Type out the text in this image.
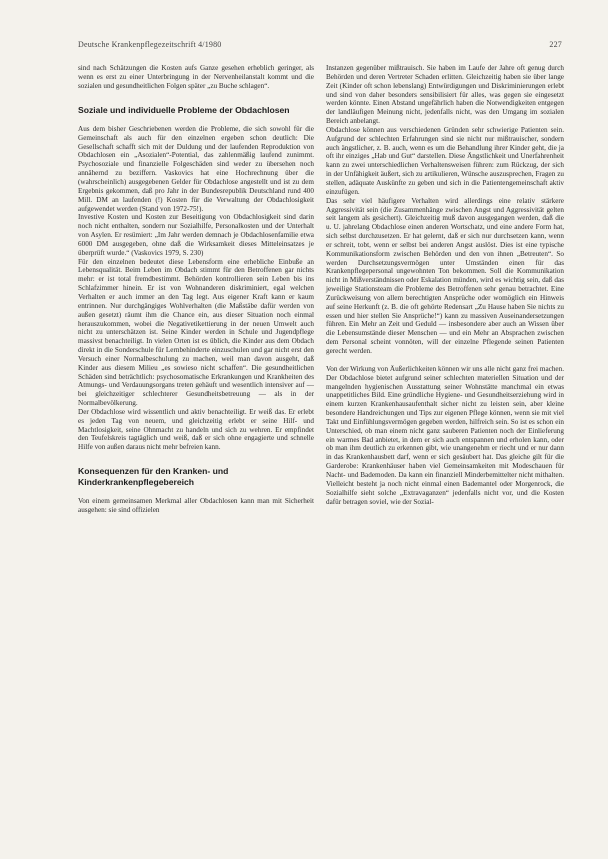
Deutsche Krankenpflegezeitschrift 4/1980	227

sind nach Schätzungen die Kosten aufs Ganze gesehen erheblich geringer, als wenn es erst zu einer Unterbringung in der Nervenheilanstalt kommt und die sozialen und gesundheitlichen Folgen später „zu Buche schlagen“.

Soziale und individuelle Probleme der Obdachlosen

Aus dem bisher Geschriebenen werden die Probleme, die sich sowohl für die Gemeinschaft als auch für den einzelnen ergeben schon deutlich: Die Gesellschaft schafft sich mit der Duldung und der laufenden Reproduktion von Obdachlosen ein „Asozialen“-Potential, das zahlenmäßig laufend zunimmt. Psychosoziale und finanzielle Folgeschäden sind weder zu übersehen noch annähernd zu beziffern. Vaskovics hat eine Hochrechnung über die (wahrscheinlich) ausgegebenen Gelder für Obdachlose angestellt und ist zu dem Ergebnis gekommen, daß pro Jahr in der Bundesrepublik Deutschland rund 400 Mill. DM an laufenden (!) Kosten für die Verwaltung der Obdachlosigkeit aufgewendet werden (Stand von 1972-75!).

Investive Kosten und Kosten zur Beseitigung von Obdachlosigkeit sind darin noch nicht enthalten, sondern nur Sozialhilfe, Personalkosten und der Unterhalt von Asylen. Er resümiert: „Im Jahr werden demnach je Obdachlosenfamilie etwa 6000 DM ausgegeben, ohne daß die Wirksamkeit dieses Mitteleinsatzes je überprüft wurde.“ (Vaskovics 1979, S. 230)

Für den einzelnen bedeutet diese Lebensform eine erhebliche Einbuße an Lebensqualität. Beim Leben im Obdach stimmt für den Betroffenen gar nichts mehr: er ist total fremdbestimmt. Behörden kontrollieren sein Leben bis ins Schlafzimmer hinein. Er ist von Wohnanderen diskriminiert, egal welchen Verhalten er auch immer an den Tag legt. Aus eigener Kraft kann er kaum entrinnen. Nur durchgängiges Wohlverhalten (die Maßstäbe dafür werden von außen gesetzt) räumt ihm die Chance ein, aus dieser Situation noch einmal herauszukommen, wobei die Negativetikettierung in der neuen Umwelt auch nicht zu unterschätzen ist. Seine Kinder werden in Schule und Jugendpflege massivst benachteiligt. In vielen Orten ist es üblich, die Kinder aus dem Obdach direkt in die Sonderschule für Lernbehinderte einzuschulen und gar nicht erst den Versuch einer Normalbeschulung zu machen, weil man davon ausgeht, daß Kinder aus diesem Milieu „es sowieso nicht schaffen“. Die gesundheitlichen Schäden sind beträchtlich: psychosomatische Erkrankungen und Krankheiten des Atmungs- und Verdauungsorgans treten gehäuft und wesentlich intensiver auf — bei gleichzeitiger schlechterer Gesundheitsbetreuung — als in der Normalbevölkerung.

Der Obdachlose wird wissentlich und aktiv benachteiligt. Er weiß das. Er erlebt es jeden Tag von neuem, und gleichzeitig erlebt er seine Hilf- und Machtlosigkeit, seine Ohnmacht zu handeln und sich zu wehren. Er empfindet den Teufelskreis tagtäglich und weiß, daß er sich ohne engagierte und schnelle Hilfe von außen daraus nicht mehr befreien kann.

Konsequenzen für den Kranken- und Kinderkrankenpflegebereich

Von einem gemeinsamen Merkmal aller Obdachlosen kann man mit Sicherheit ausgehen: sie sind offizielen

Instanzen gegenüber mißtrauisch. Sie haben im Laufe der Jahre oft genug durch Behörden und deren Vertreter Schaden erlitten. Gleichzeitig haben sie über lange Zeit (Kinder oft schon lebenslang) Entwürdigungen und Diskriminierungen erlebt und sind von daher besonders sensibilisiert für alles, was gegen sie eingesetzt werden könnte. Einen Abstand ungefährlich haben die Notwendigkeiten entgegen der landläufigen Meinung nicht, jedenfalls nicht, was den Umgang im sozialen Bereich anbelangt.

Obdachlose können aus verschiedenen Gründen sehr schwierige Patienten sein. Aufgrund der schlechten Erfahrungen sind sie nicht nur mißtrauischer, sondern auch ängstlicher, z. B. auch, wenn es um die Behandlung ihrer Kinder geht, die ja oft ihr einziges „Hab und Gut“ darstellen. Diese Ängstlichkeit und Unerfahrenheit kann zu zwei unterschiedlichen Verhaltensweisen führen: zum Rückzug, der sich in der Unfähigkeit äußert, sich zu artikulieren, Wünsche auszusprechen, Fragen zu stellen, adäquate Auskünfte zu geben und sich in die Patientengemeinschaft aktiv einzufügen.

Das sehr viel häufigere Verhalten wird allerdings eine relativ stärkere Aggressivität sein (die Zusammenhänge zwischen Angst und Aggressivität gelten seit langem als gesichert). Gleichzeitig muß davon ausgegangen werden, daß die u. U. jahrelang Obdachlose einen anderen Wortschatz, und eine andere Form hat, sich selbst durchzusetzen. Er hat gelernt, daß er sich nur durchsetzen kann, wenn er schreit, tobt, wenn er selbst bei anderen Angst auslöst. Dies ist eine typische Kommunikationsform zwischen Behörden und den von ihnen „Betreuten“. So werden Durchsetzungsvermögen unter Umständen einen für das Krankenpflegepersonal ungewohnten Ton bekommen. Soll die Kommunikation nicht in Mißverständnissen oder Eskalation münden, wird es wichtig sein, daß das jeweilige Stationsteam die Probleme des Betroffenen sehr genau betrachtet. Eine Zurückweisung von allem berechtigten Ansprüche oder womöglich ein Hinweis auf seine Herkunft (z. B. die oft gehörte Redensart „Zu Hause haben Sie nichts zu essen und hier stellen Sie Ansprüche!“) kann zu massiven Auseinandersetzungen führen. Ein Mehr an Zeit und Geduld — insbesondere aber auch an Wissen über die Lebensumstände dieser Menschen — und ein Mehr an Absprachen zwischen dem Personal scheint vonnöten, will der einzelne Pflegende seinen Patienten gerecht werden.

Von der Wirkung von Äußerlichkeiten können wir uns alle nicht ganz frei machen. Der Obdachlose bietet aufgrund seiner schlechten materiellen Situation und der mangelnden hygienischen Ausstattung seiner Wohnstätte manchmal ein etwas unappetitliches Bild. Eine gründliche Hygiene- und Gesundheitserziehung wird in einem kurzen Krankenhausaufenthalt sicher nicht zu leisten sein, aber kleine besondere Handreichungen und Tips zur eigenen Pflege können, wenn sie mit viel Takt und Einfühlungsvermögen gegeben werden, hilfreich sein. So ist es schon ein Unterschied, ob man einem nicht ganz sauberen Patienten noch der Einlieferung ein warmes Bad anbietet, in dem er sich auch entspannen und erholen kann, oder ob man ihm deutlich zu erkennen gibt, wie unangenehm er riecht und er nur dann in das Krankenhausbett darf, wenn er sich gesäubert hat. Das gleiche gilt für die Garderobe: Krankenhäuser haben viel Gemeinsamkeiten mit Modeschauen für Nacht- und Bademoden. Da kann ein finanziell Minderbemittelter nicht mithalten. Vielleicht besteht ja noch nicht einmal einen Bademantel oder Morgenrock, die Sozialhilfe sieht solche „Extravaganzen“ jedenfalls nicht vor, und die Kosten dafür betragen soviel, wie der Sozial-
